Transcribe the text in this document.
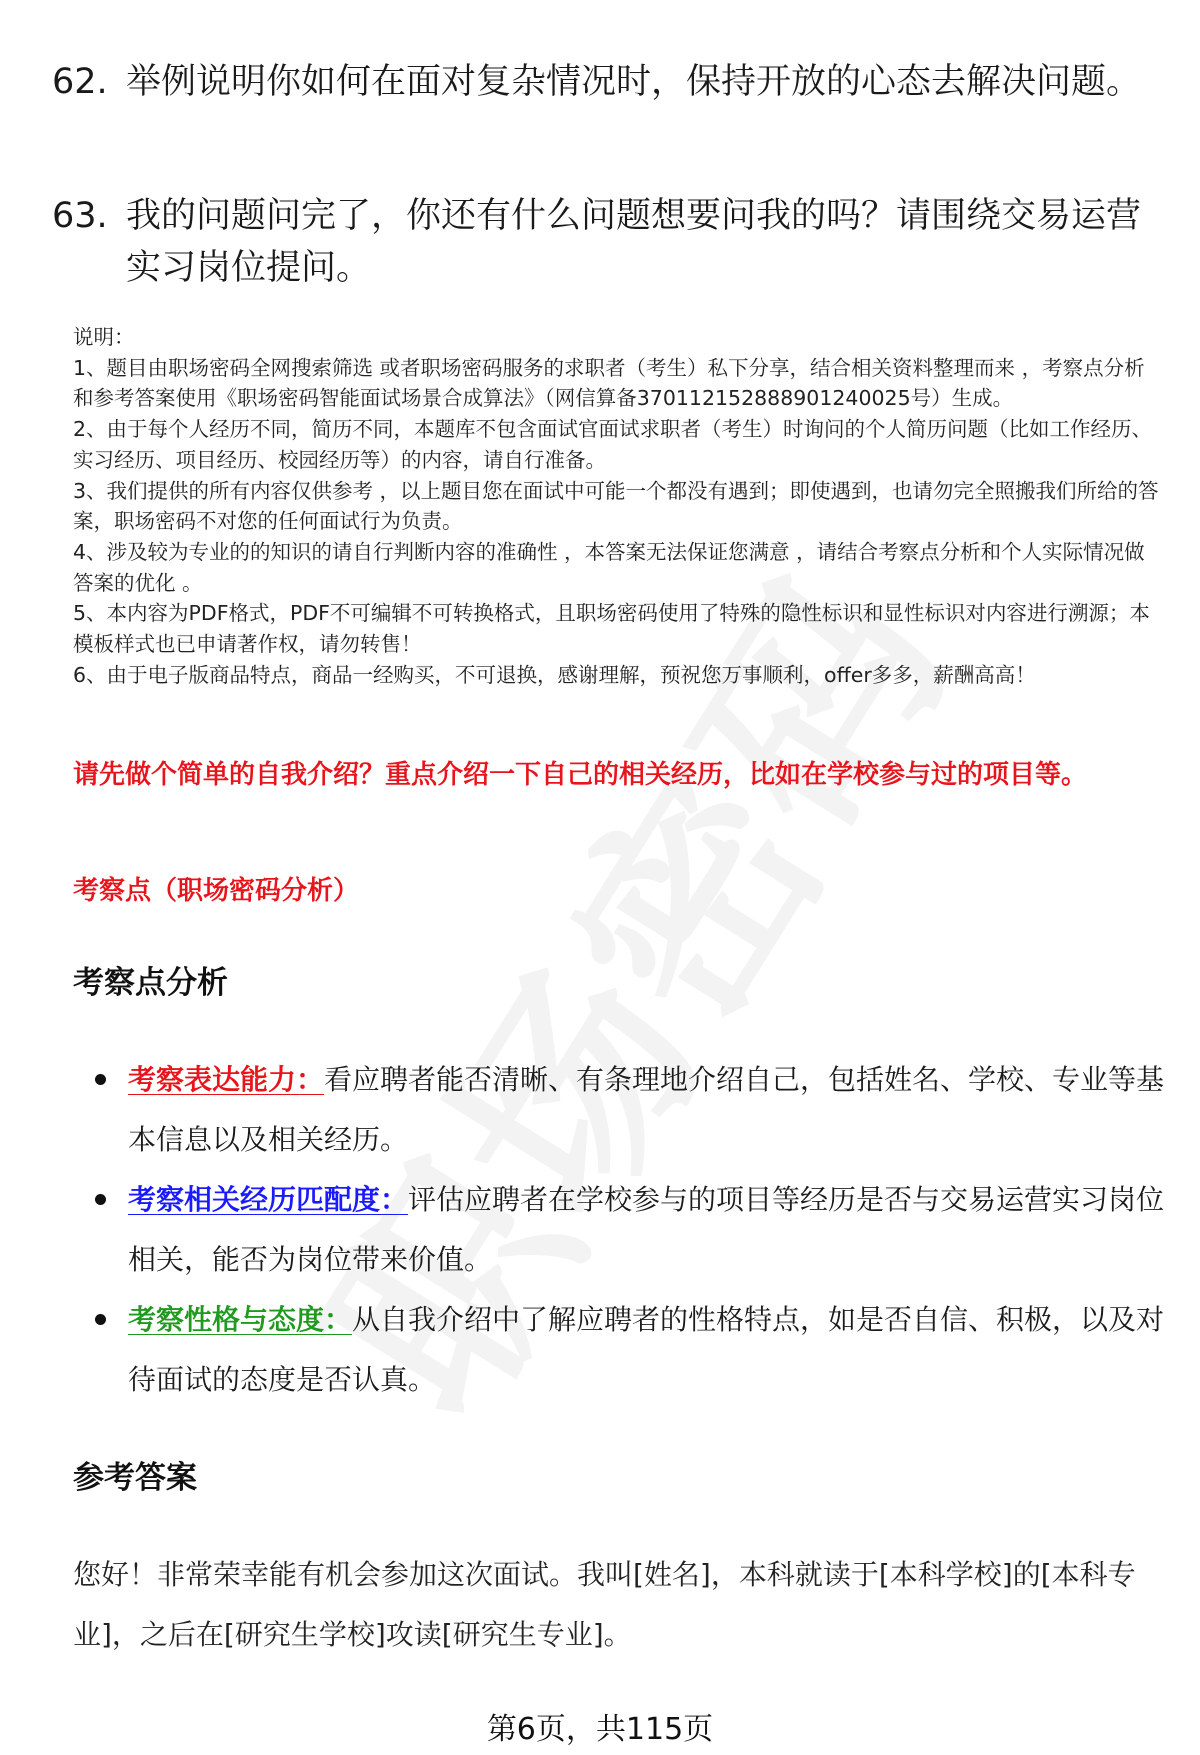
62. 举例说明你如何在面对复杂情况时，保持开放的心态去解决问题。
63. 我的问题问完了，你还有什么问题想要问我的吗？请围绕交易运营实习岗位提问。

说明：

1、题目由职场密码全网搜索筛选 或者职场密码服务的求职者（考生）私下分享，结合相关资料整理而来 ，考察点分析和参考答案使用《职场密码智能面试场景合成算法》（网信算备370112152888901240025号）生成。

2、由于每个人经历不同，简历不同，本题库不包含面试官面试求职者（考生）时询问的个人简历问题（比如工作经历、实习经历、项目经历、校园经历等）的内容，请自行准备。

3、我们提供的所有内容仅供参考 ，以上题目您在面试中可能一个都没有遇到；即使遇到，也请勿完全照搬我们所给的答案，职场密码不对您的任何面试行为负责。

4、涉及较为专业的的知识的请自行判断内容的准确性 ，本答案无法保证您满意 ，请结合考察点分析和个人实际情况做答案的优化 。

5、本内容为PDF格式，PDF不可编辑不可转换格式，且职场密码使用了特殊的隐性标识和显性标识对内容进行溯源；本模板样式也已申请著作权，请勿转售！

6、由于电子版商品特点，商品一经购买，不可退换，感谢理解，预祝您万事顺利，offer多多，薪酬高高！

请先做个简单的自我介绍？重点介绍一下自己的相关经历，比如在学校参与过的项目等。
考察点（职场密码分析）
考察点分析
考察表达能力：看应聘者能否清晰、有条理地介绍自己，包括姓名、学校、专业等基本信息以及相关经历。
考察相关经历匹配度：评估应聘者在学校参与的项目等经历是否与交易运营实习岗位相关，能否为岗位带来价值。
考察性格与态度：从自我介绍中了解应聘者的性格特点，如是否自信、积极，以及对待面试的态度是否认真。
参考答案
您好！非常荣幸能有机会参加这次面试。我叫[姓名]，本科就读于[本科学校]的[本科专业]，之后在[研究生学校]攻读[研究生专业]。
第6页，共115页
